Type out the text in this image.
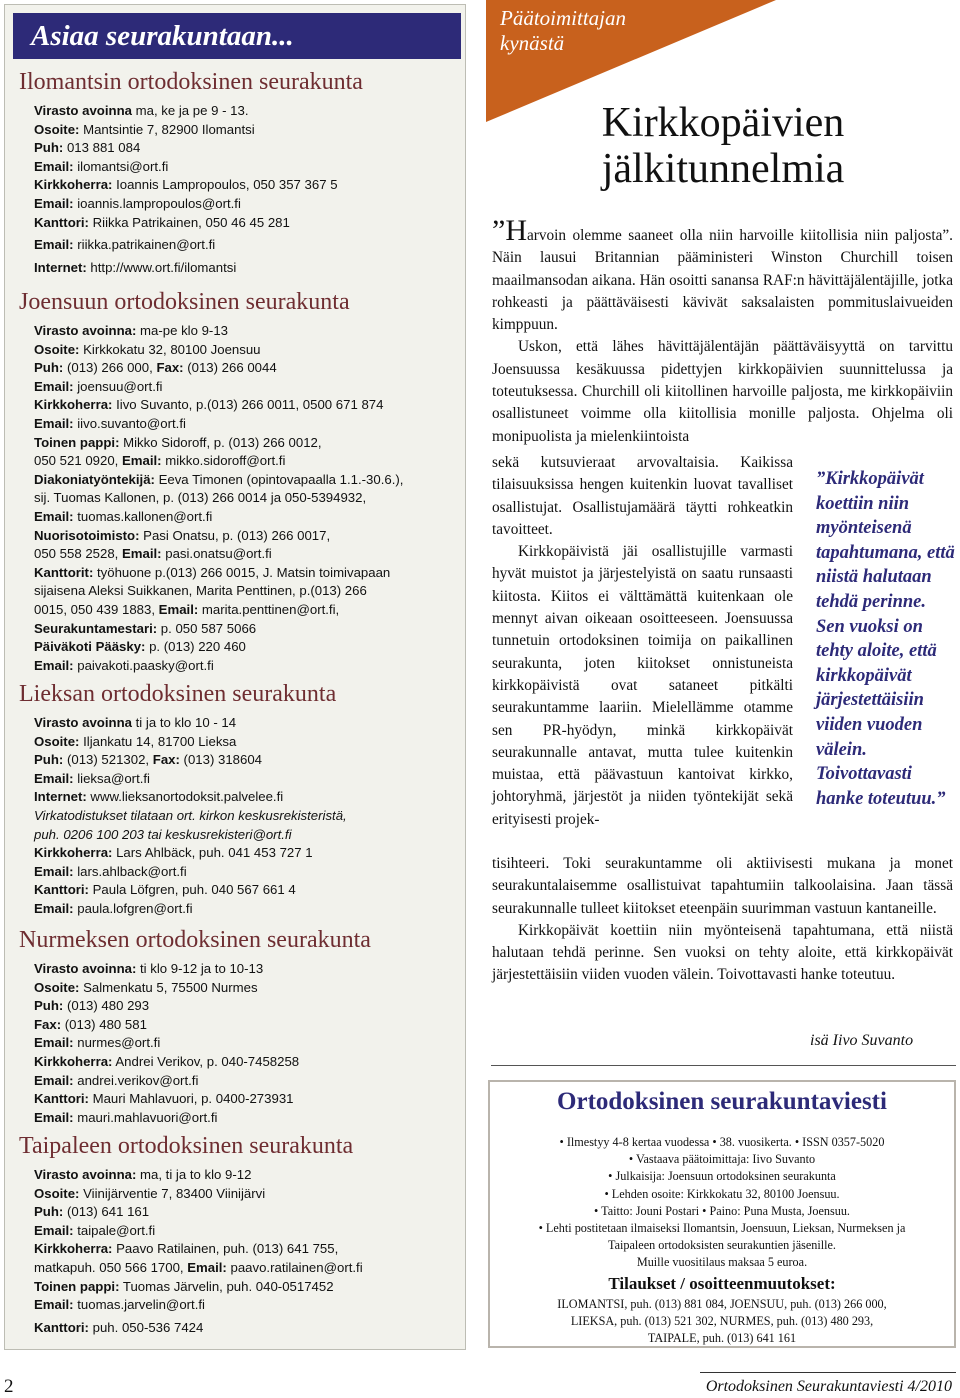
Asiaa seurakuntaan...
Ilomantsin ortodoksinen seurakunta
Virasto avoinna ma, ke ja pe 9 - 13.
Osoite: Mantsintie 7, 82900 Ilomantsi
Puh: 013 881 084
Email: ilomantsi@ort.fi
Kirkkoherra: Ioannis Lampropoulos, 050 357 367 5
Email: ioannis.lampropoulos@ort.fi
Kanttori: Riikka Patrikainen, 050 46 45 281
Email: riikka.patrikainen@ort.fi
Internet: http://www.ort.fi/ilomantsi
Joensuun ortodoksinen seurakunta
Virasto avoinna: ma-pe klo 9-13
Osoite: Kirkkokatu 32, 80100 Joensuu
Puh: (013) 266 000, Fax: (013) 266 0044
Email: joensuu@ort.fi
Kirkkoherra: Iivo Suvanto, p.(013) 266 0011, 0500 671 874
Email: iivo.suvanto@ort.fi
Toinen pappi: Mikko Sidoroff, p. (013) 266 0012,
050 521 0920, Email: mikko.sidoroff@ort.fi
Diakoniatyöntekijä: Eeva Timonen (opintovapaalla 1.1.-30.6.),
sij. Tuomas Kallonen, p. (013) 266 0014 ja 050-5394932,
Email: tuomas.kallonen@ort.fi
Nuorisotoimisto: Pasi Onatsu, p. (013) 266 0017,
050 558 2528, Email: pasi.onatsu@ort.fi
Kanttorit: työhuone p.(013) 266 0015, J. Matsin toimivapaan
sijaisena Aleksi Suikkanen, Marita Penttinen, p.(013) 266
0015, 050 439 1883, Email: marita.penttinen@ort.fi,
Seurakuntamestari: p. 050 587 5066
Päiväkoti Pääsky: p. (013) 220 460
Email: paivakoti.paasky@ort.fi
Lieksan ortodoksinen seurakunta
Virasto avoinna ti ja to klo 10 - 14
Osoite: Iljankatu 14, 81700 Lieksa
Puh: (013) 521302, Fax: (013) 318604
Email: lieksa@ort.fi
Internet: www.lieksanortodoksit.palvelee.fi
Virkatodistukset tilataan ort. kirkon keskusrekisteristä,
puh. 0206 100 203 tai keskusrekisteri@ort.fi
Kirkkoherra: Lars Ahlbäck, puh. 041 453 727 1
Email: lars.ahlback@ort.fi
Kanttori: Paula Löfgren, puh. 040 567 661 4
Email: paula.lofgren@ort.fi
Nurmeksen ortodoksinen seurakunta
Virasto avoinna: ti klo 9-12 ja to 10-13
Osoite: Salmenkatu 5, 75500 Nurmes
Puh: (013) 480 293
Fax: (013) 480 581
Email: nurmes@ort.fi
Kirkkoherra: Andrei Verikov, p. 040-7458258
Email: andrei.verikov@ort.fi
Kanttori: Mauri Mahlavuori, p. 0400-273931
Email: mauri.mahlavuori@ort.fi
Taipaleen ortodoksinen seurakunta
Virasto avoinna: ma, ti ja to klo 9-12
Osoite: Viinijärventie 7, 83400 Viinijärvi
Puh: (013) 641 161
Email: taipale@ort.fi
Kirkkoherra: Paavo Ratilainen, puh. (013) 641 755,
matkapuh. 050 566 1700, Email: paavo.ratilainen@ort.fi
Toinen pappi: Tuomas Järvelin, puh. 040-0517452
Email: tuomas.jarvelin@ort.fi
Kanttori: puh. 050-536 7424
Päätoimittajan
kynästä
Kirkkopäivien
jälkitunnelmia

”Harvoin olemme saaneet olla niin harvoille kiitollisia niin paljosta”. Näin lausui Britannian pääministeri Winston Churchill toisen maailmansodan aikana. Hän osoitti sanansa RAF:n hävittäjälentäjille, jotka rohkeasti ja päättäväisesti kävivät saksalaisten pommituslaivueiden kimppuun.

Uskon, että lähes hävittäjälentäjän päättäväisyyttä on tarvittu Joensuussa kesäkuussa pidettyjen kirkkopäivien suunnittelussa ja toteutuksessa. Churchill oli kiitollinen harvoille paljosta, me kirkkopäiviin osallistuneet voimme olla kiitollisia monille paljosta. Ohjelma oli monipuolista ja mielenkiintoista

sekä kutsuvieraat arvovaltaisia. Kaikissa tilaisuuksissa hengen kuitenkin luovat tavalliset osallistujat. Osallistujamäärä täytti rohkeatkin tavoitteet.

Kirkkopäivistä jäi osallistujille varmasti hyvät muistot ja järjestelyistä on saatu runsaasti kiitosta. Kiitos ei välttämättä kuitenkaan ole mennyt aivan oikeaan osoitteeseen. Joensuussa tunnetuin ortodoksinen toimija on paikallinen seurakunta, joten kiitokset onnistuneista kirkkopäivistä ovat sataneet pitkälti seurakuntamme laariin. Mielellämme otamme sen PR-hyödyn, minkä kirkkopäivät seurakunnalle antavat, mutta tulee kuitenkin muistaa, että päävastuun kantoivat kirkko, johtoryhmä, järjestöt ja niiden työntekijät sekä erityisesti projek-

”Kirkkopäivät koettiin niin myönteisenä tapahtumana, että niistä halutaan tehdä perinne. Sen vuoksi on tehty aloite, että kirkkopäivät järjestettäisiin viiden vuoden välein. Toivottavasti hanke toteutuu.”

tisihteeri. Toki seurakuntamme oli aktiivisesti mukana ja monet seurakuntalaisemme osallistuivat tapahtumiin talkoolaisina. Jaan tässä seurakunnalle tulleet kiitokset eteenpäin suurimman vastuun kantaneille.

Kirkkopäivät koettiin niin myönteisenä tapahtumana, että niistä halutaan tehdä perinne. Sen vuoksi on tehty aloite, että kirkkopäivät järjestettäisiin viiden vuoden välein. Toivottavasti hanke toteutuu.

isä Iivo Suvanto
Ortodoksinen seurakuntaviesti
• Ilmestyy 4-8 kertaa vuodessa • 38. vuosikerta. • ISSN 0357-5020
• Vastaava päätoimittaja: Iivo Suvanto
• Julkaisija: Joensuun ortodoksinen seurakunta
• Lehden osoite: Kirkkokatu 32, 80100 Joensuu.
• Taitto: Jouni Postari • Paino: Puna Musta, Joensuu.
• Lehti postitetaan ilmaiseksi Ilomantsin, Joensuun, Lieksan, Nurmeksen ja
Taipaleen ortodoksisten seurakuntien jäsenille.
Muille vuositilaus maksaa 5 euroa.
Tilaukset / osoitteenmuutokset:
ILOMANTSI, puh. (013) 881 084, JOENSUU, puh. (013) 266 000,
LIEKSA, puh. (013) 521 302, NURMES, puh. (013) 480 293,
TAIPALE, puh. (013) 641 161
2	Ortodoksinen Seurakuntaviesti 4/2010
